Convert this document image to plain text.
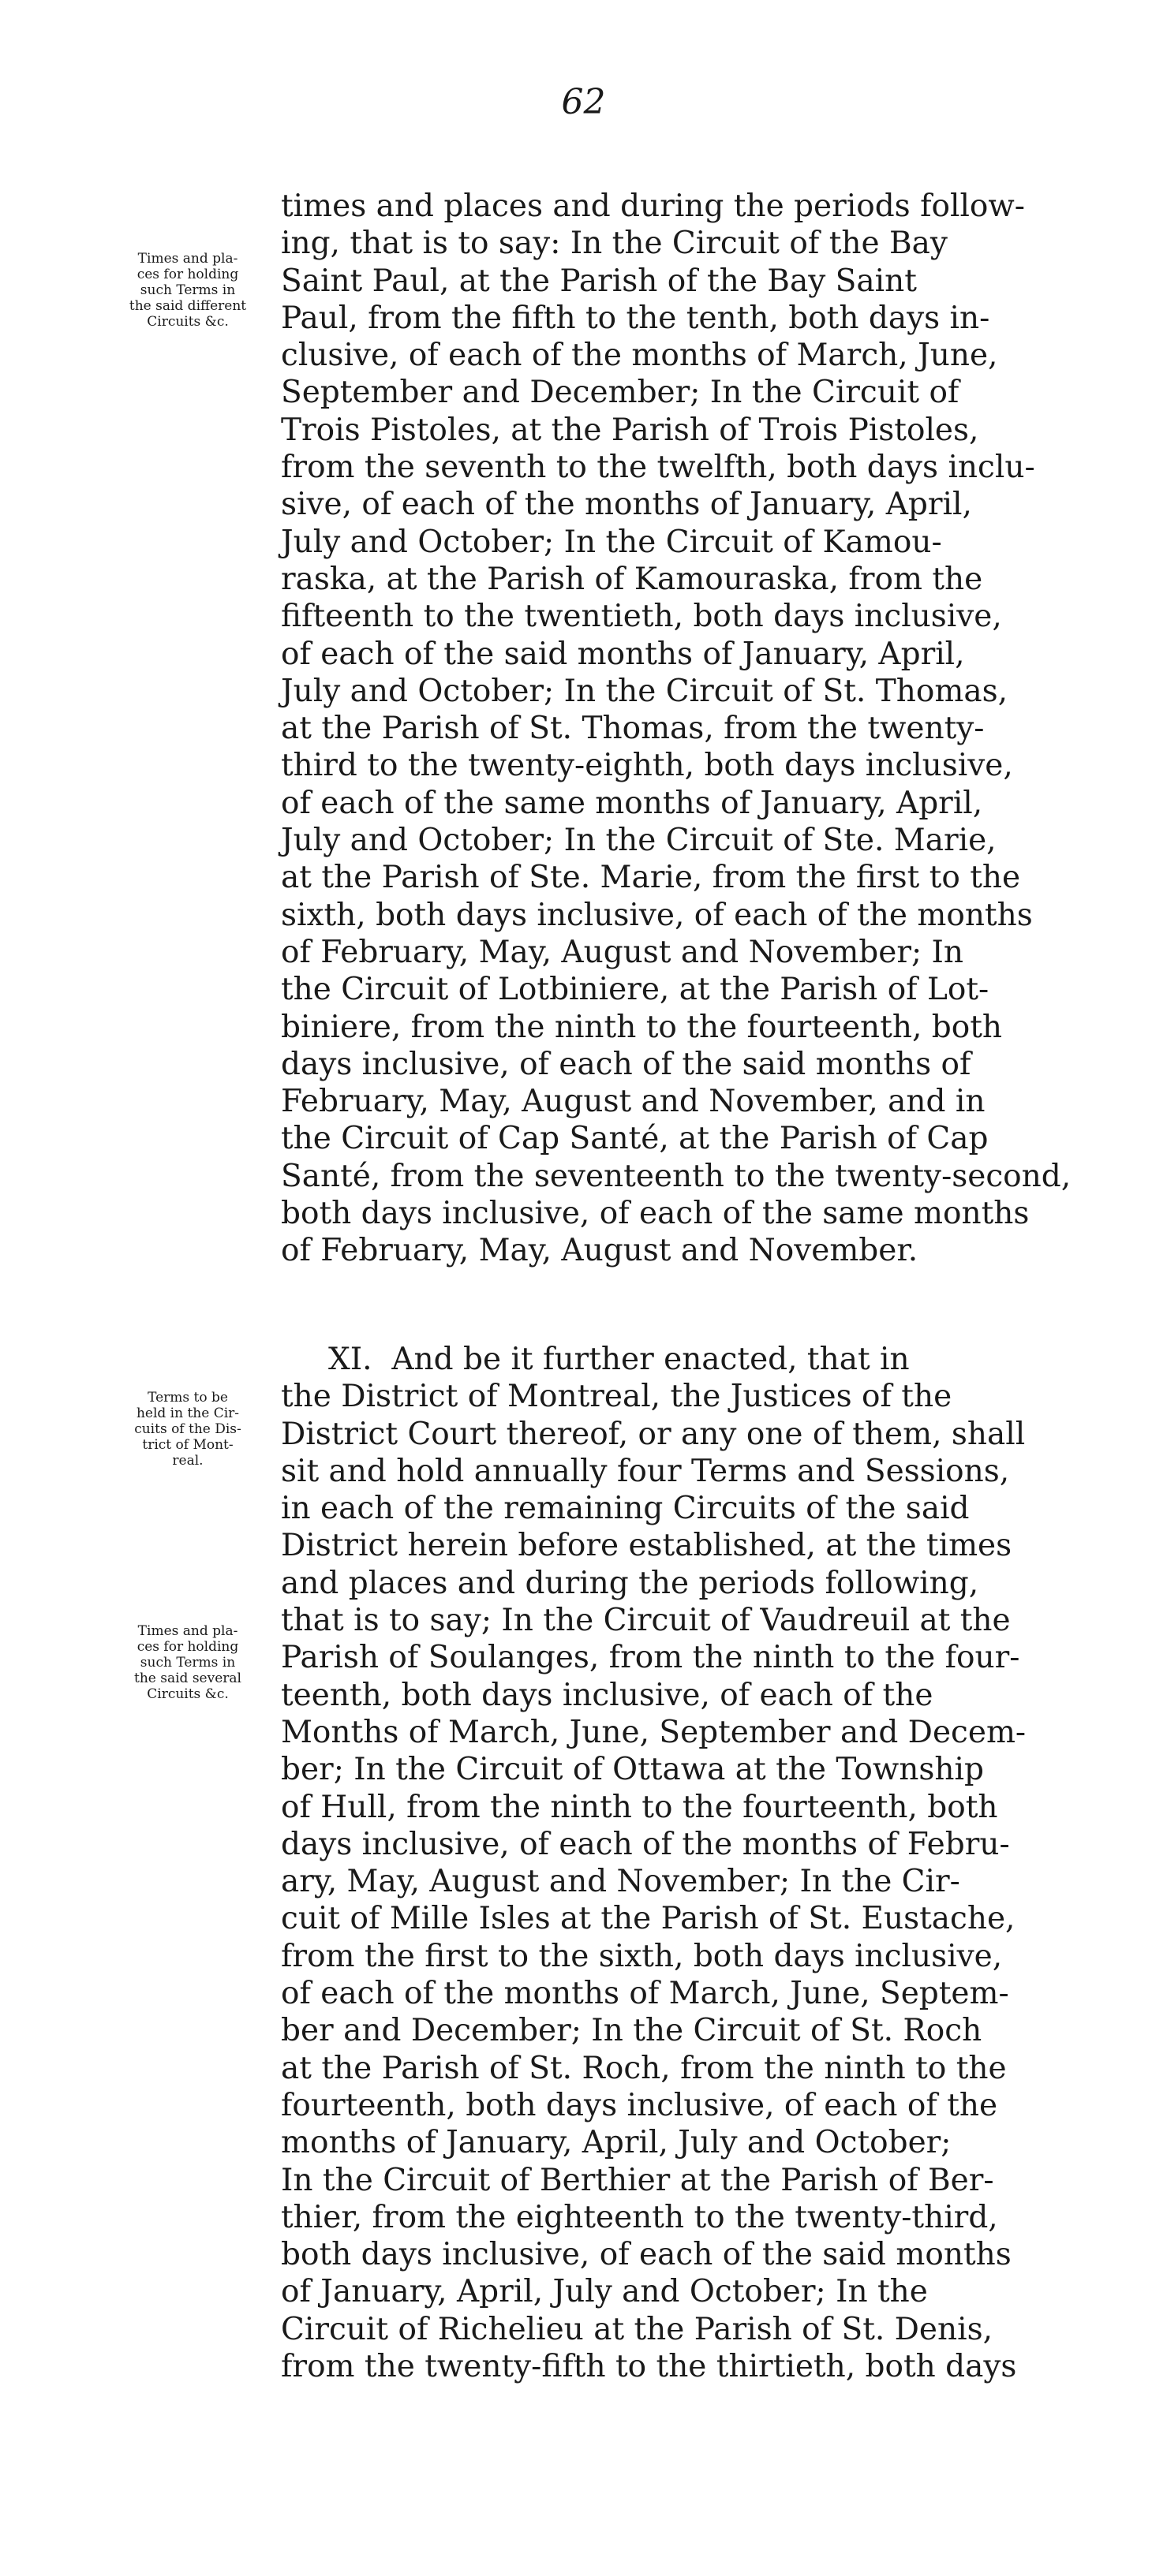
62
Times and pla-
ces for holding
such Terms in
the said different
Circuits &c.
Terms to be
held in the Cir-
cuits of the Dis-
trict of Mont-
real.
Times and pla-
ces for holding
such Terms in
the said several
Circuits &c.
times and places and during the periods follow-
ing, that is to say: In the Circuit of the Bay
Saint Paul, at the Parish of the Bay Saint
Paul, from the fifth to the tenth, both days in-
clusive, of each of the months of March, June,
September and December; In the Circuit of
Trois Pistoles, at the Parish of Trois Pistoles,
from the seventh to the twelfth, both days inclu-
sive, of each of the months of January, April,
July and October; In the Circuit of Kamou-
raska, at the Parish of Kamouraska, from the
fifteenth to the twentieth, both days inclusive,
of each of the said months of January, April,
July and October; In the Circuit of St. Thomas,
at the Parish of St. Thomas, from the twenty-
third to the twenty-eighth, both days inclusive,
of each of the same months of January, April,
July and October; In the Circuit of Ste. Marie,
at the Parish of Ste. Marie, from the first to the
sixth, both days inclusive, of each of the months
of February, May, August and November; In
the Circuit of Lotbiniere, at the Parish of Lot-
biniere, from the ninth to the fourteenth, both
days inclusive, of each of the said months of
February, May, August and November, and in
the Circuit of Cap Santé, at the Parish of Cap
Santé, from the seventeenth to the twenty-second,
both days inclusive, of each of the same months
of February, May, August and November.
XI. And be it further enacted, that in
the District of Montreal, the Justices of the
District Court thereof, or any one of them, shall
sit and hold annually four Terms and Sessions,
in each of the remaining Circuits of the said
District herein before established, at the times
and places and during the periods following,
that is to say; In the Circuit of Vaudreuil at the
Parish of Soulanges, from the ninth to the four-
teenth, both days inclusive, of each of the
Months of March, June, September and Decem-
ber; In the Circuit of Ottawa at the Township
of Hull, from the ninth to the fourteenth, both
days inclusive, of each of the months of Febru-
ary, May, August and November; In the Cir-
cuit of Mille Isles at the Parish of St. Eustache,
from the first to the sixth, both days inclusive,
of each of the months of March, June, Septem-
ber and December; In the Circuit of St. Roch
at the Parish of St. Roch, from the ninth to the
fourteenth, both days inclusive, of each of the
months of January, April, July and October;
In the Circuit of Berthier at the Parish of Ber-
thier, from the eighteenth to the twenty-third,
both days inclusive, of each of the said months
of January, April, July and October; In the
Circuit of Richelieu at the Parish of St. Denis,
from the twenty-fifth to the thirtieth, both days
